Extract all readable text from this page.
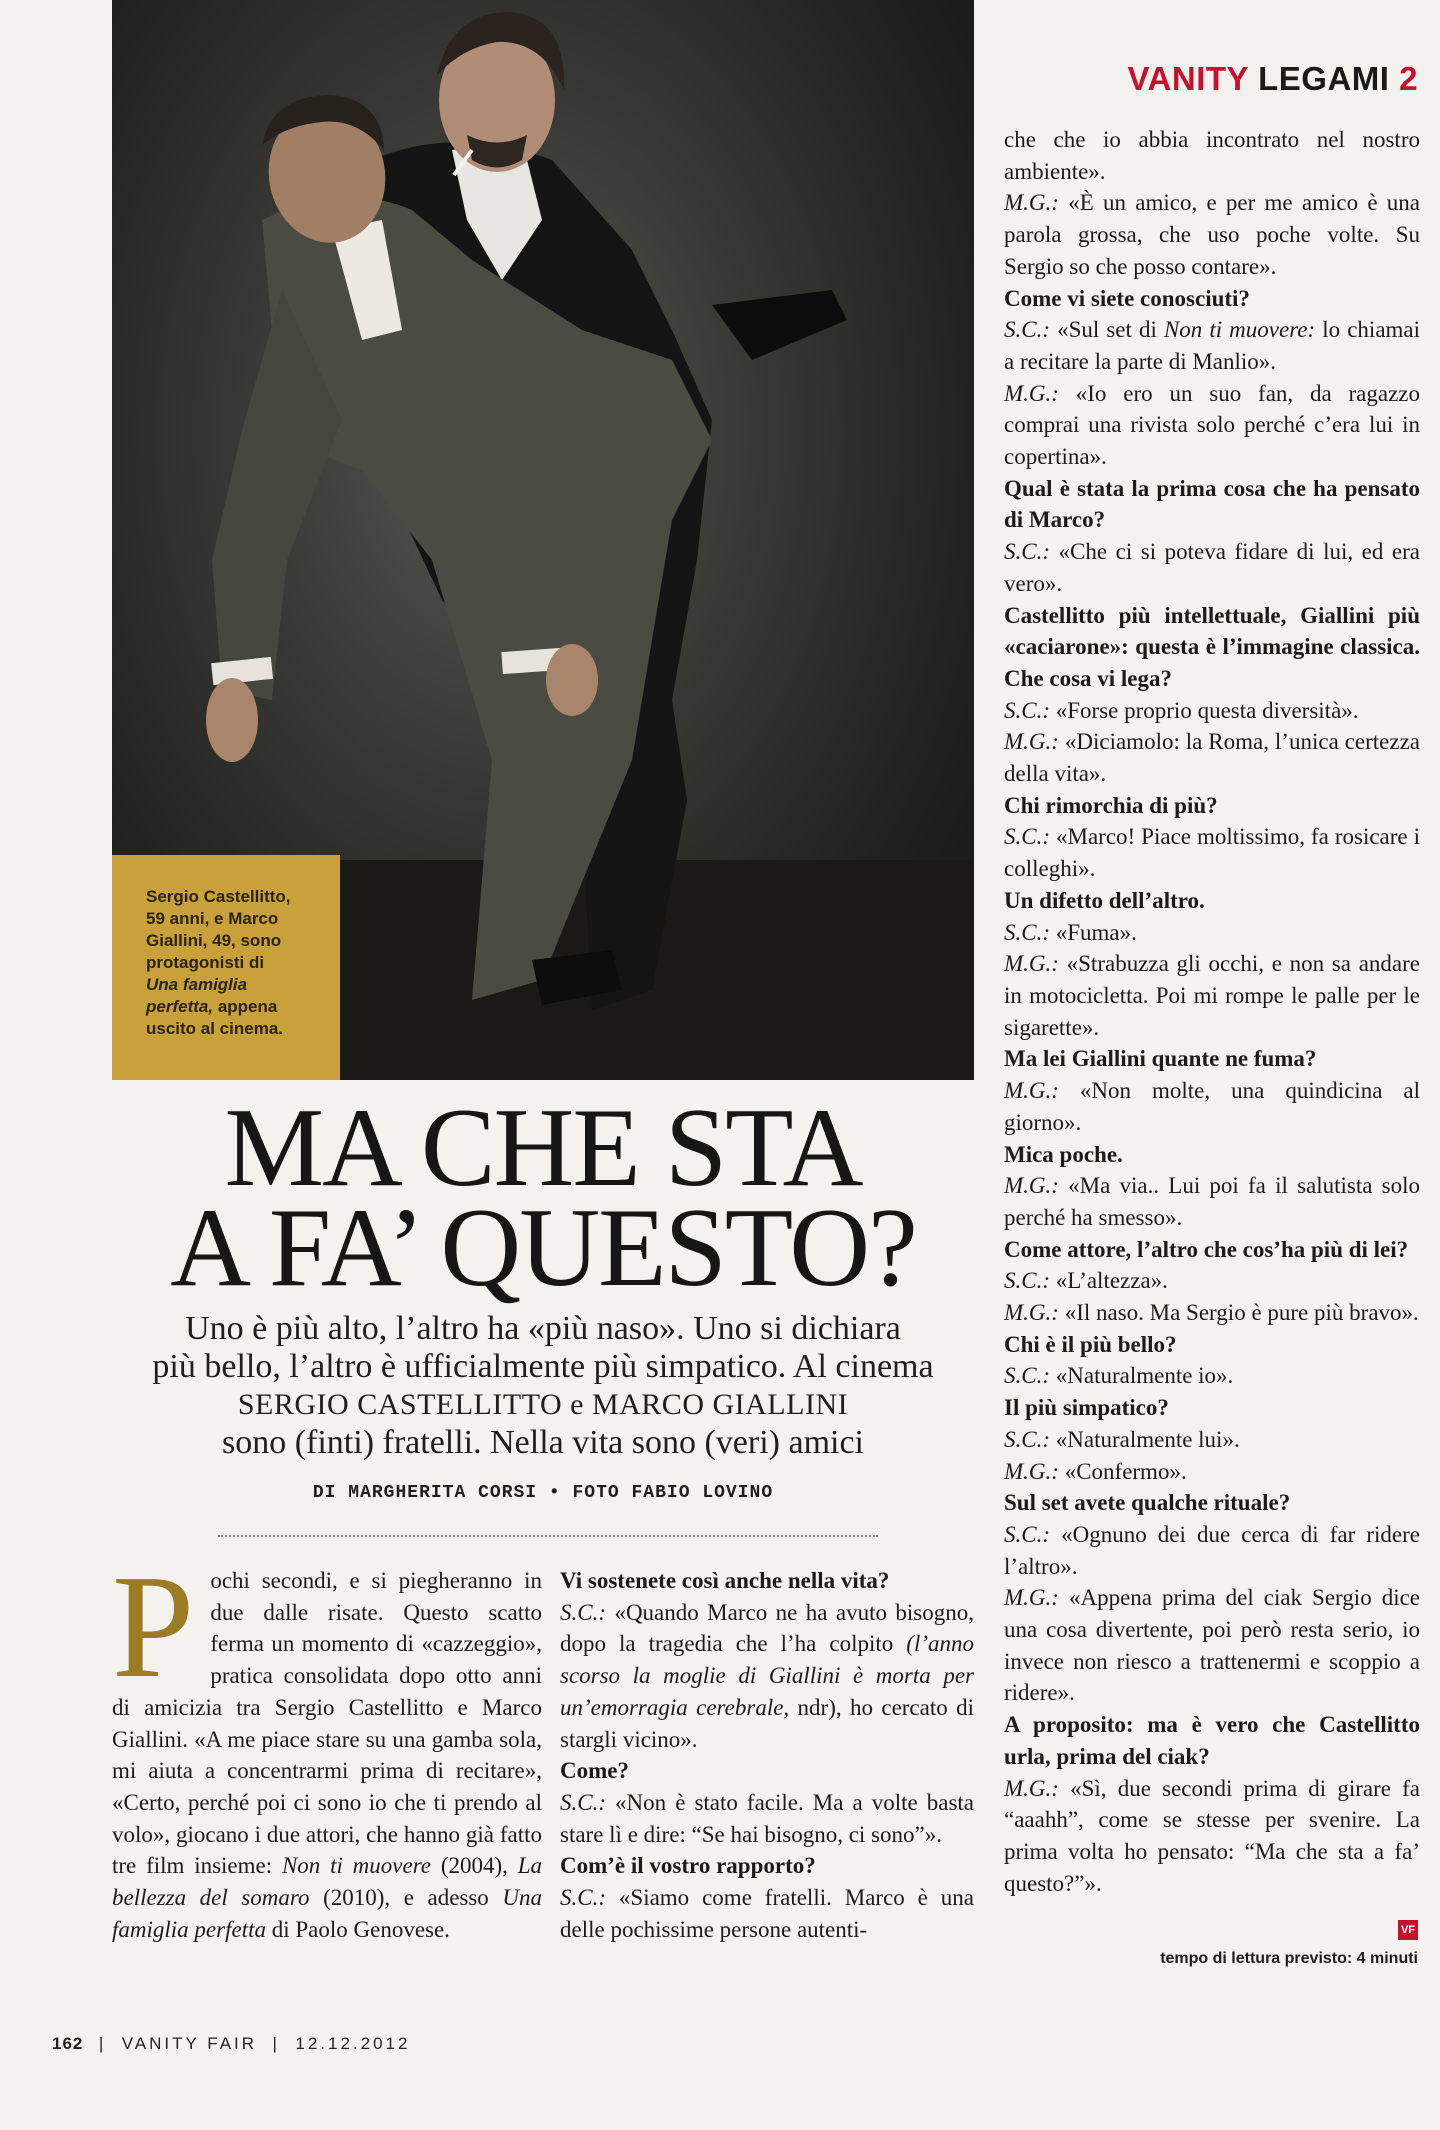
Sergio Castellitto,
59 anni, e Marco
Giallini, 49, sono
protagonisti di
Una famiglia
perfetta, appena
uscito al cinema.
VANITY LEGAMI 2
MA CHE STA
A FA’ QUESTO?
Uno è più alto, l’altro ha «più naso». Uno si dichiara
più bello, l’altro è ufficialmente più simpatico. Al cinema
SERGIO CASTELLITTO e MARCO GIALLINI
sono (finti) fratelli. Nella vita sono (veri) amici
DI MARGHERITA CORSI • FOTO FABIO LOVINO
P ochi secondi, e si piegheranno in due dalle risate. Questo scatto ferma un momento di «cazzeggio», pratica consolidata dopo otto anni di amicizia tra Sergio Castellitto e Marco Giallini. «A me piace stare su una gamba sola, mi aiuta a concentrarmi prima di recitare», «Certo, perché poi ci sono io che ti prendo al volo», giocano i due attori, che hanno già fatto tre film insieme: Non ti muovere (2004), La bellezza del somaro (2010), e adesso Una famiglia perfetta di Paolo Genovese.

Vi sostenete così anche nella vita?

S.C.: «Quando Marco ne ha avuto bisogno, dopo la tragedia che l’ha colpito (l’anno scorso la moglie di Giallini è morta per un’emorragia cerebrale, ndr), ho cercato di stargli vicino».

Come?

S.C.: «Non è stato facile. Ma a volte basta stare lì e dire: “Se hai bisogno, ci sono”».

Com’è il vostro rapporto?

S.C.: «Siamo come fratelli. Marco è una delle pochissime persone autenti-

che che io abbia incontrato nel nostro ambiente».

M.G.: «È un amico, e per me amico è una parola grossa, che uso poche volte. Su Sergio so che posso contare».

Come vi siete conosciuti?

S.C.: «Sul set di Non ti muovere: lo chiamai a recitare la parte di Manlio».

M.G.: «Io ero un suo fan, da ragazzo comprai una rivista solo perché c’era lui in copertina».

Qual è stata la prima cosa che ha pensato di Marco?

S.C.: «Che ci si poteva fidare di lui, ed era vero».

Castellitto più intellettuale, Giallini più «caciarone»: questa è l’immagine classica. Che cosa vi lega?

S.C.: «Forse proprio questa diversità».

M.G.: «Diciamolo: la Roma, l’unica certezza della vita».

Chi rimorchia di più?

S.C.: «Marco! Piace moltissimo, fa rosicare i colleghi».

Un difetto dell’altro.

S.C.: «Fuma».

M.G.: «Strabuzza gli occhi, e non sa andare in motocicletta. Poi mi rompe le palle per le sigarette».

Ma lei Giallini quante ne fuma?

M.G.: «Non molte, una quindicina al giorno».

Mica poche.

M.G.: «Ma via.. Lui poi fa il salutista solo perché ha smesso».

Come attore, l’altro che cos’ha più di lei?

S.C.: «L’altezza».

M.G.: «Il naso. Ma Sergio è pure più bravo».

Chi è il più bello?

S.C.: «Naturalmente io».

Il più simpatico?

S.C.: «Naturalmente lui».

M.G.: «Confermo».

Sul set avete qualche rituale?

S.C.: «Ognuno dei due cerca di far ridere l’altro».

M.G.: «Appena prima del ciak Sergio dice una cosa divertente, poi però resta serio, io invece non riesco a trattenermi e scoppio a ridere».

A proposito: ma è vero che Castellitto urla, prima del ciak?

M.G.: «Sì, due secondi prima di girare fa “aaahh”, come se stesse per svenire. La prima volta ho pensato: “Ma che sta a fa’ questo?”».

VF
tempo di lettura previsto: 4 minuti
162 | VANITY FAIR | 12.12.2012
